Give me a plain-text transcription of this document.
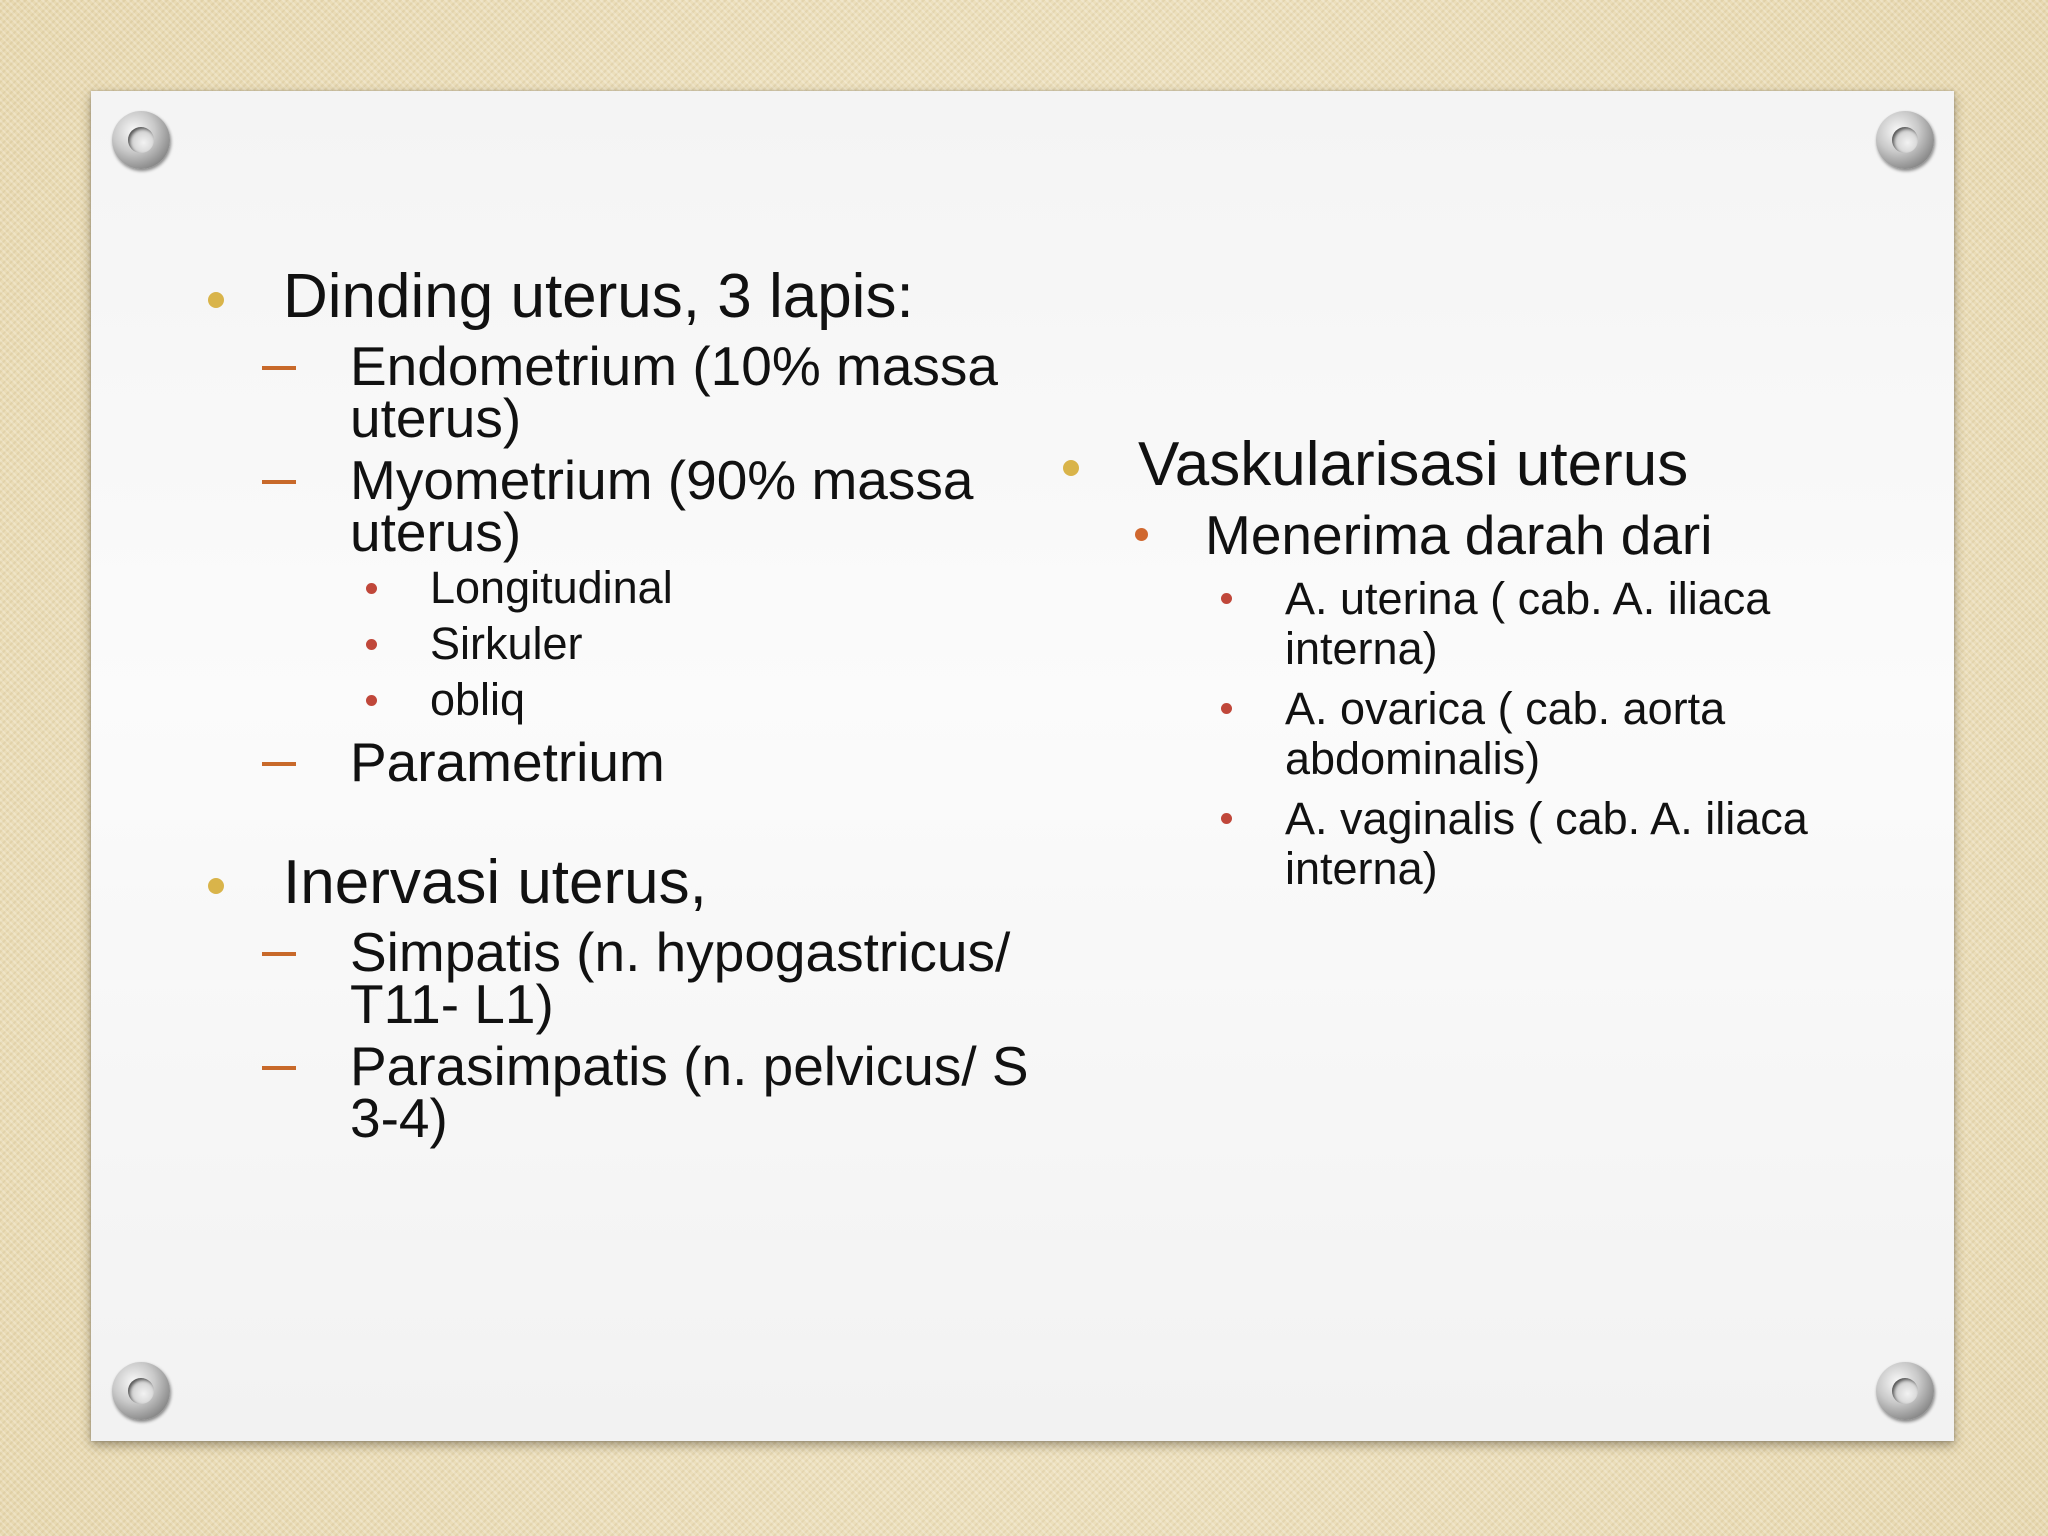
Dinding uterus, 3 lapis:
Endometrium (10% massa uterus)
Myometrium (90% massa uterus)
Longitudinal
Sirkuler
obliq
Parametrium
Inervasi uterus,
Simpatis (n. hypogastricus/ T11- L1)
Parasimpatis (n. pelvicus/ S 3-4)
Vaskularisasi uterus
Menerima darah dari
A. uterina ( cab. A. iliaca interna)
A. ovarica ( cab. aorta abdominalis)
A. vaginalis ( cab. A. iliaca interna)
